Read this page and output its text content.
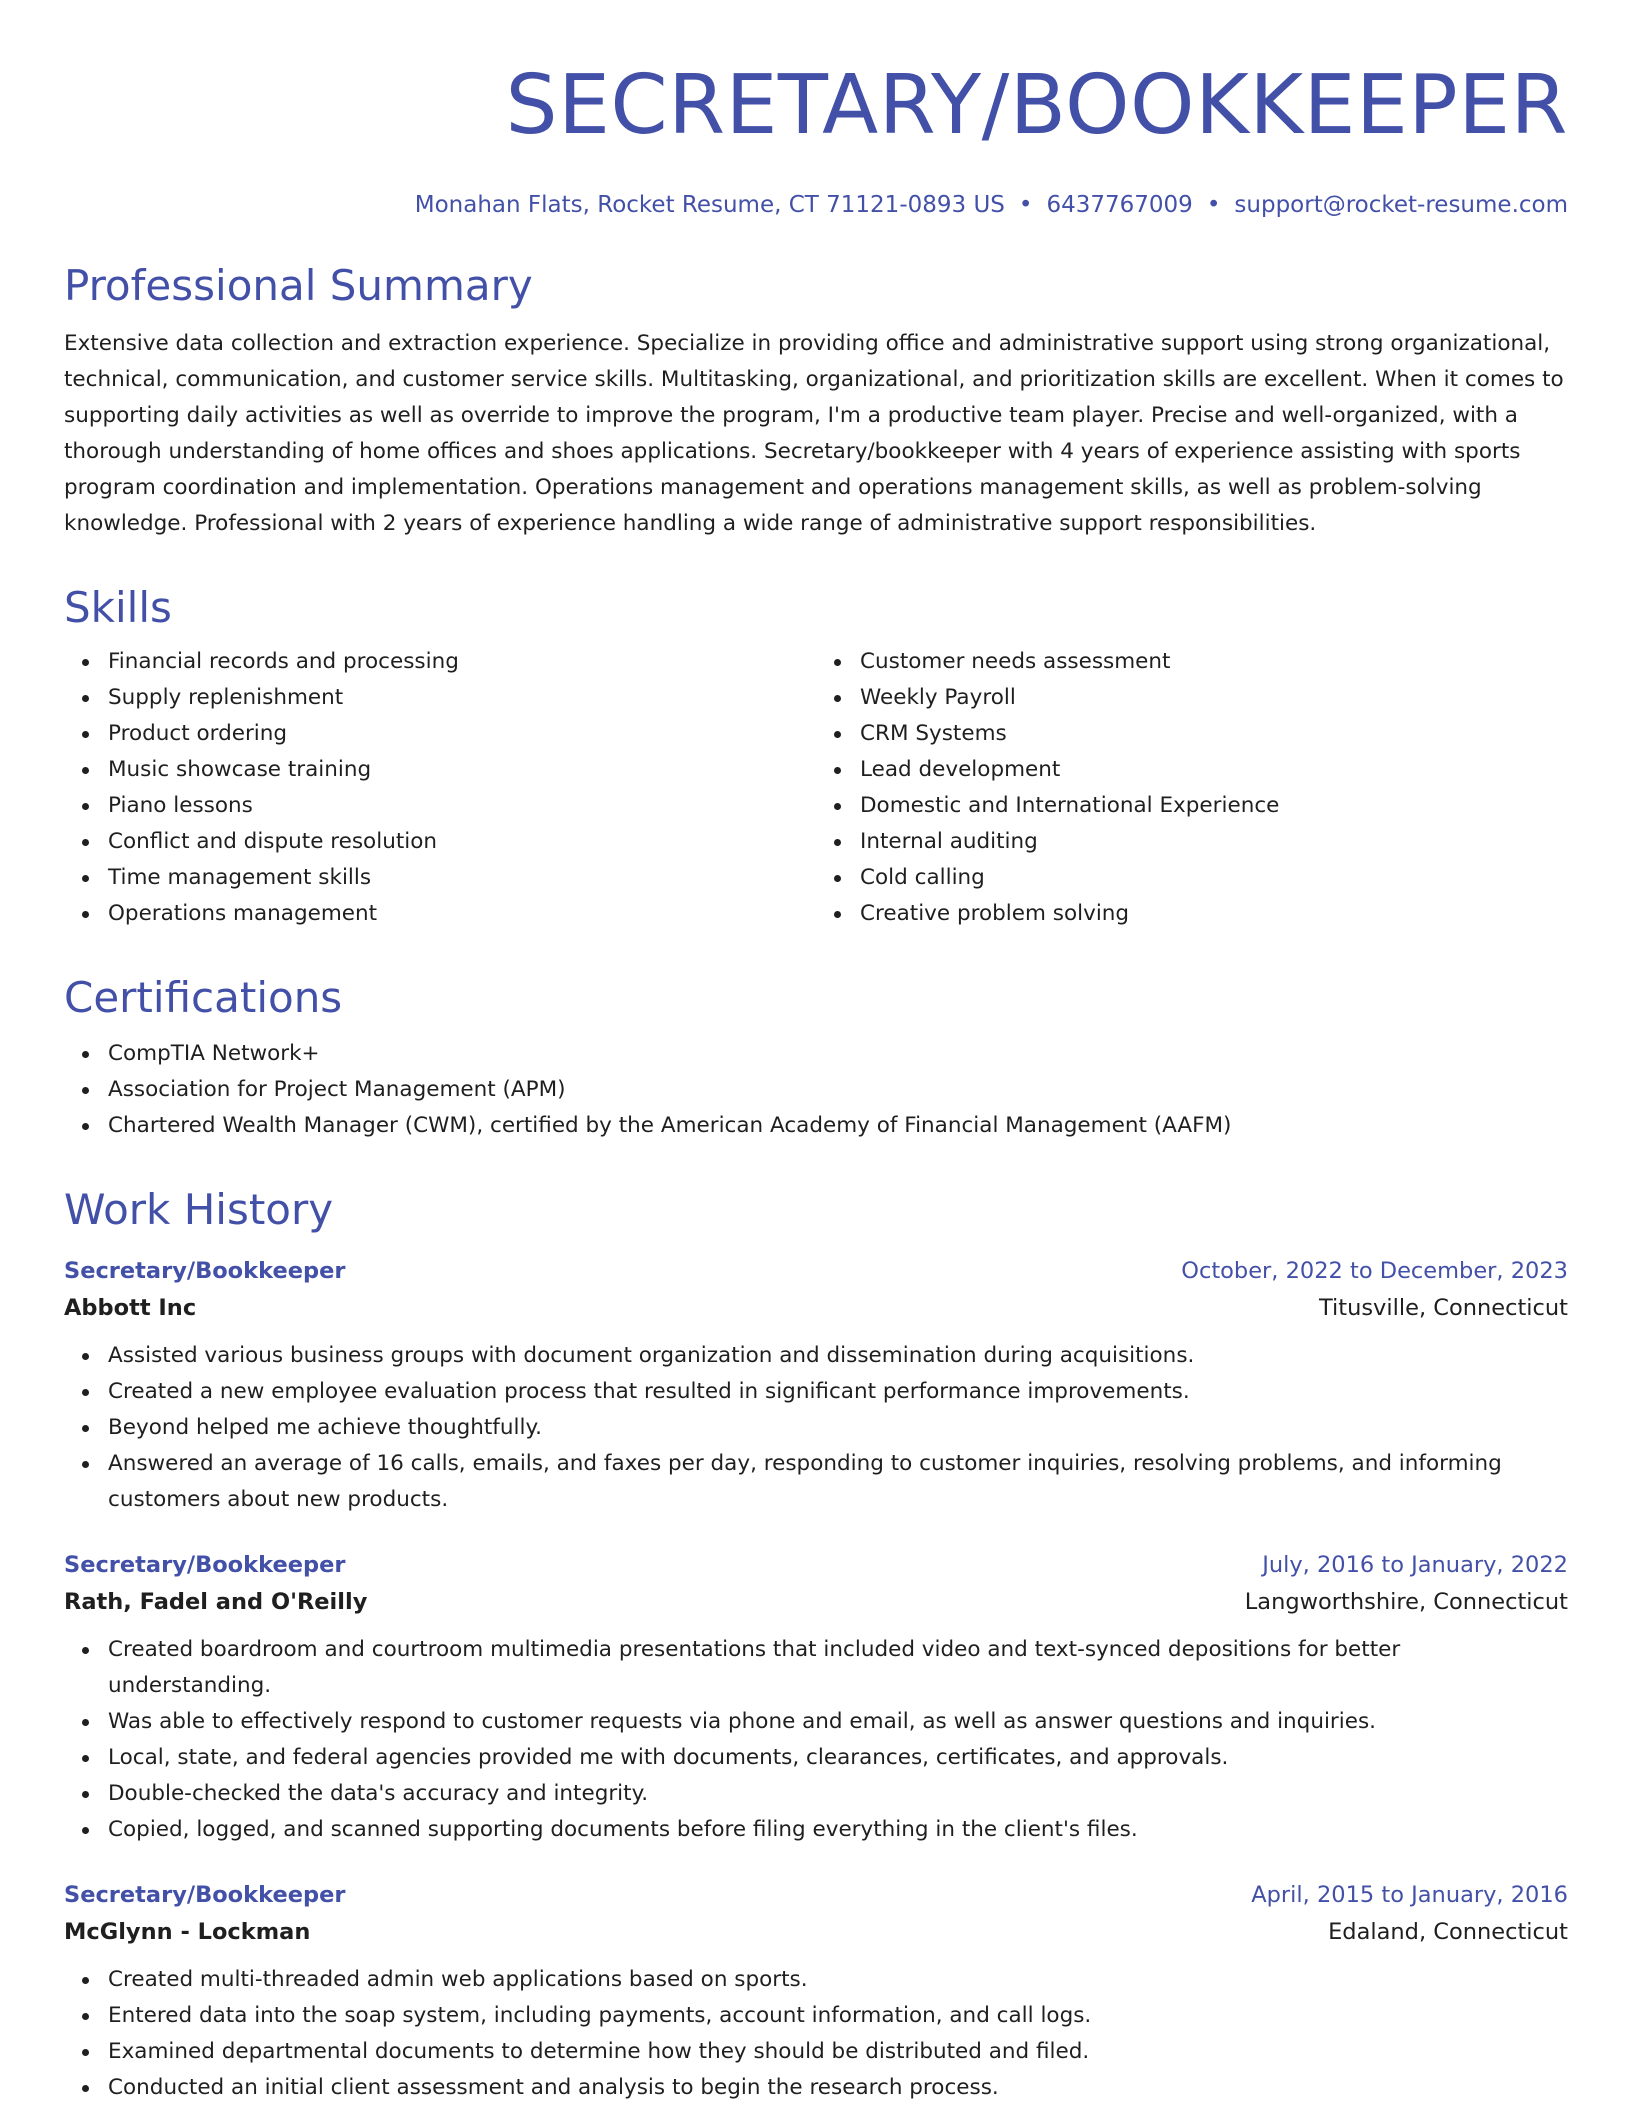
SECRETARY/BOOKKEEPER
Monahan Flats, Rocket Resume, CT 71121-0893 US • 6437767009 • support@rocket-resume.com
Professional Summary
Extensive data collection and extraction experience. Specialize in providing office and administrative support using strong organizational, technical, communication, and customer service skills. Multitasking, organizational, and prioritization skills are excellent. When it comes to supporting daily activities as well as override to improve the program, I'm a productive team player. Precise and well-organized, with a thorough understanding of home offices and shoes applications. Secretary/bookkeeper with 4 years of experience assisting with sports program coordination and implementation. Operations management and operations management skills, as well as problem-solving knowledge. Professional with 2 years of experience handling a wide range of administrative support responsibilities.
Skills
Financial records and processing
Supply replenishment
Product ordering
Music showcase training
Piano lessons
Conflict and dispute resolution
Time management skills
Operations management
Customer needs assessment
Weekly Payroll
CRM Systems
Lead development
Domestic and International Experience
Internal auditing
Cold calling
Creative problem solving
Certifications
CompTIA Network+
Association for Project Management (APM)
Chartered Wealth Manager (CWM), certified by the American Academy of Financial Management (AAFM)
Work History
Secretary/Bookkeeper	October, 2022 to December, 2023
Abbott Inc	Titusville, Connecticut
Assisted various business groups with document organization and dissemination during acquisitions.
Created a new employee evaluation process that resulted in significant performance improvements.
Beyond helped me achieve thoughtfully.
Answered an average of 16 calls, emails, and faxes per day, responding to customer inquiries, resolving problems, and informing customers about new products.
Secretary/Bookkeeper	July, 2016 to January, 2022
Rath, Fadel and O'Reilly	Langworthshire, Connecticut
Created boardroom and courtroom multimedia presentations that included video and text-synced depositions for better understanding.
Was able to effectively respond to customer requests via phone and email, as well as answer questions and inquiries.
Local, state, and federal agencies provided me with documents, clearances, certificates, and approvals.
Double-checked the data's accuracy and integrity.
Copied, logged, and scanned supporting documents before filing everything in the client's files.
Secretary/Bookkeeper	April, 2015 to January, 2016
McGlynn - Lockman	Edaland, Connecticut
Created multi-threaded admin web applications based on sports.
Entered data into the soap system, including payments, account information, and call logs.
Examined departmental documents to determine how they should be distributed and filed.
Conducted an initial client assessment and analysis to begin the research process.
